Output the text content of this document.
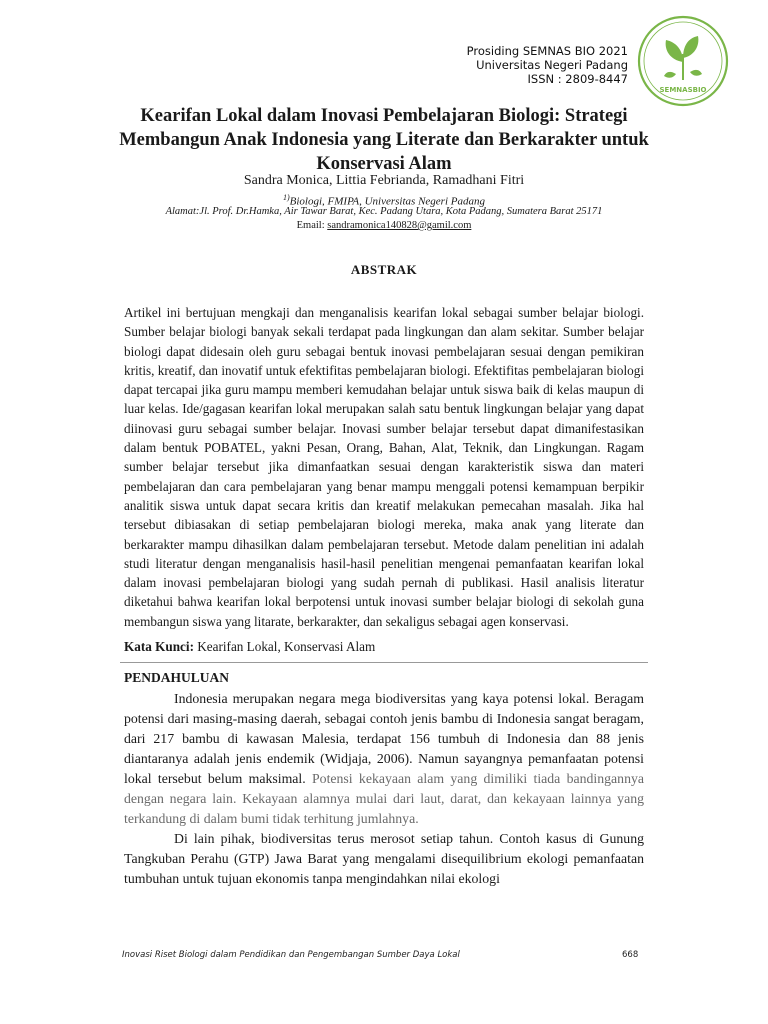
Prosiding SEMNAS BIO 2021
Universitas Negeri Padang
ISSN : 2809-8447
SEMNASBIO
Kearifan Lokal dalam Inovasi Pembelajaran Biologi: Strategi Membangun Anak Indonesia yang Literate dan Berkarakter untuk Konservasi Alam
Sandra Monica, Littia Febrianda, Ramadhani Fitri
$^{1)}$Biologi, FMIPA, Universitas Negeri Padang
Alamat:Jl. Prof. Dr.Hamka, Air Tawar Barat, Kec. Padang Utara, Kota Padang, Sumatera Barat 25171
Email: sandramonica140828@gamil.com
ABSTRAK

Artikel ini bertujuan mengkaji dan menganalisis kearifan lokal sebagai sumber belajar biologi. Sumber belajar biologi banyak sekali terdapat pada lingkungan dan alam sekitar. Sumber belajar biologi dapat didesain oleh guru sebagai bentuk inovasi pembelajaran sesuai dengan pemikiran kritis, kreatif, dan inovatif untuk efektifitas pembelajaran biologi. Efektifitas pembelajaran biologi dapat tercapai jika guru mampu memberi kemudahan belajar untuk siswa baik di kelas maupun di luar kelas. Ide/gagasan kearifan lokal merupakan salah satu bentuk lingkungan belajar yang dapat diinovasi guru sebagai sumber belajar. Inovasi sumber belajar tersebut dapat dimanifestasikan dalam bentuk POBATEL, yakni Pesan, Orang, Bahan, Alat, Teknik, dan Lingkungan. Ragam sumber belajar tersebut jika dimanfaatkan sesuai dengan karakteristik siswa dan materi pembelajaran dan cara pembelajaran yang benar mampu menggali potensi kemampuan berpikir analitik siswa untuk dapat secara kritis dan kreatif melakukan pemecahan masalah. Jika hal tersebut dibiasakan di setiap pembelajaran biologi mereka, maka anak yang literate dan berkarakter mampu dihasilkan dalam pembelajaran tersebut. Metode dalam penelitian ini adalah studi literatur dengan menganalisis hasil-hasil penelitian mengenai pemanfaatan kearifan lokal dalam inovasi pembelajaran biologi yang sudah pernah di publikasi. Hasil analisis literatur diketahui bahwa kearifan lokal berpotensi untuk inovasi sumber belajar biologi di sekolah guna membangun siswa yang litarate, berkarakter, dan sekaligus sebagai agen konservasi.

Kata Kunci: Kearifan Lokal, Konservasi Alam
PENDAHULUAN

Indonesia merupakan negara mega biodiversitas yang kaya potensi lokal. Beragam potensi dari masing-masing daerah, sebagai contoh jenis bambu di Indonesia sangat beragam, dari 217 bambu di kawasan Malesia, terdapat 156 tumbuh di Indonesia dan 88 jenis diantaranya adalah jenis endemik (Widjaja, 2006). Namun sayangnya pemanfaatan potensi lokal tersebut belum maksimal. Potensi kekayaan alam yang dimiliki tiada bandingannya dengan negara lain. Kekayaan alamnya mulai dari laut, darat, dan kekayaan lainnya yang terkandung di dalam bumi tidak terhitung jumlahnya.

Di lain pihak, biodiversitas terus merosot setiap tahun. Contoh kasus di Gunung Tangkuban Perahu (GTP) Jawa Barat yang mengalami disequilibrium ekologi pemanfaatan tumbuhan untuk tujuan ekonomis tanpa mengindahkan nilai ekologi

Inovasi Riset Biologi dalam Pendidikan dan Pengembangan Sumber Daya Lokal	668
